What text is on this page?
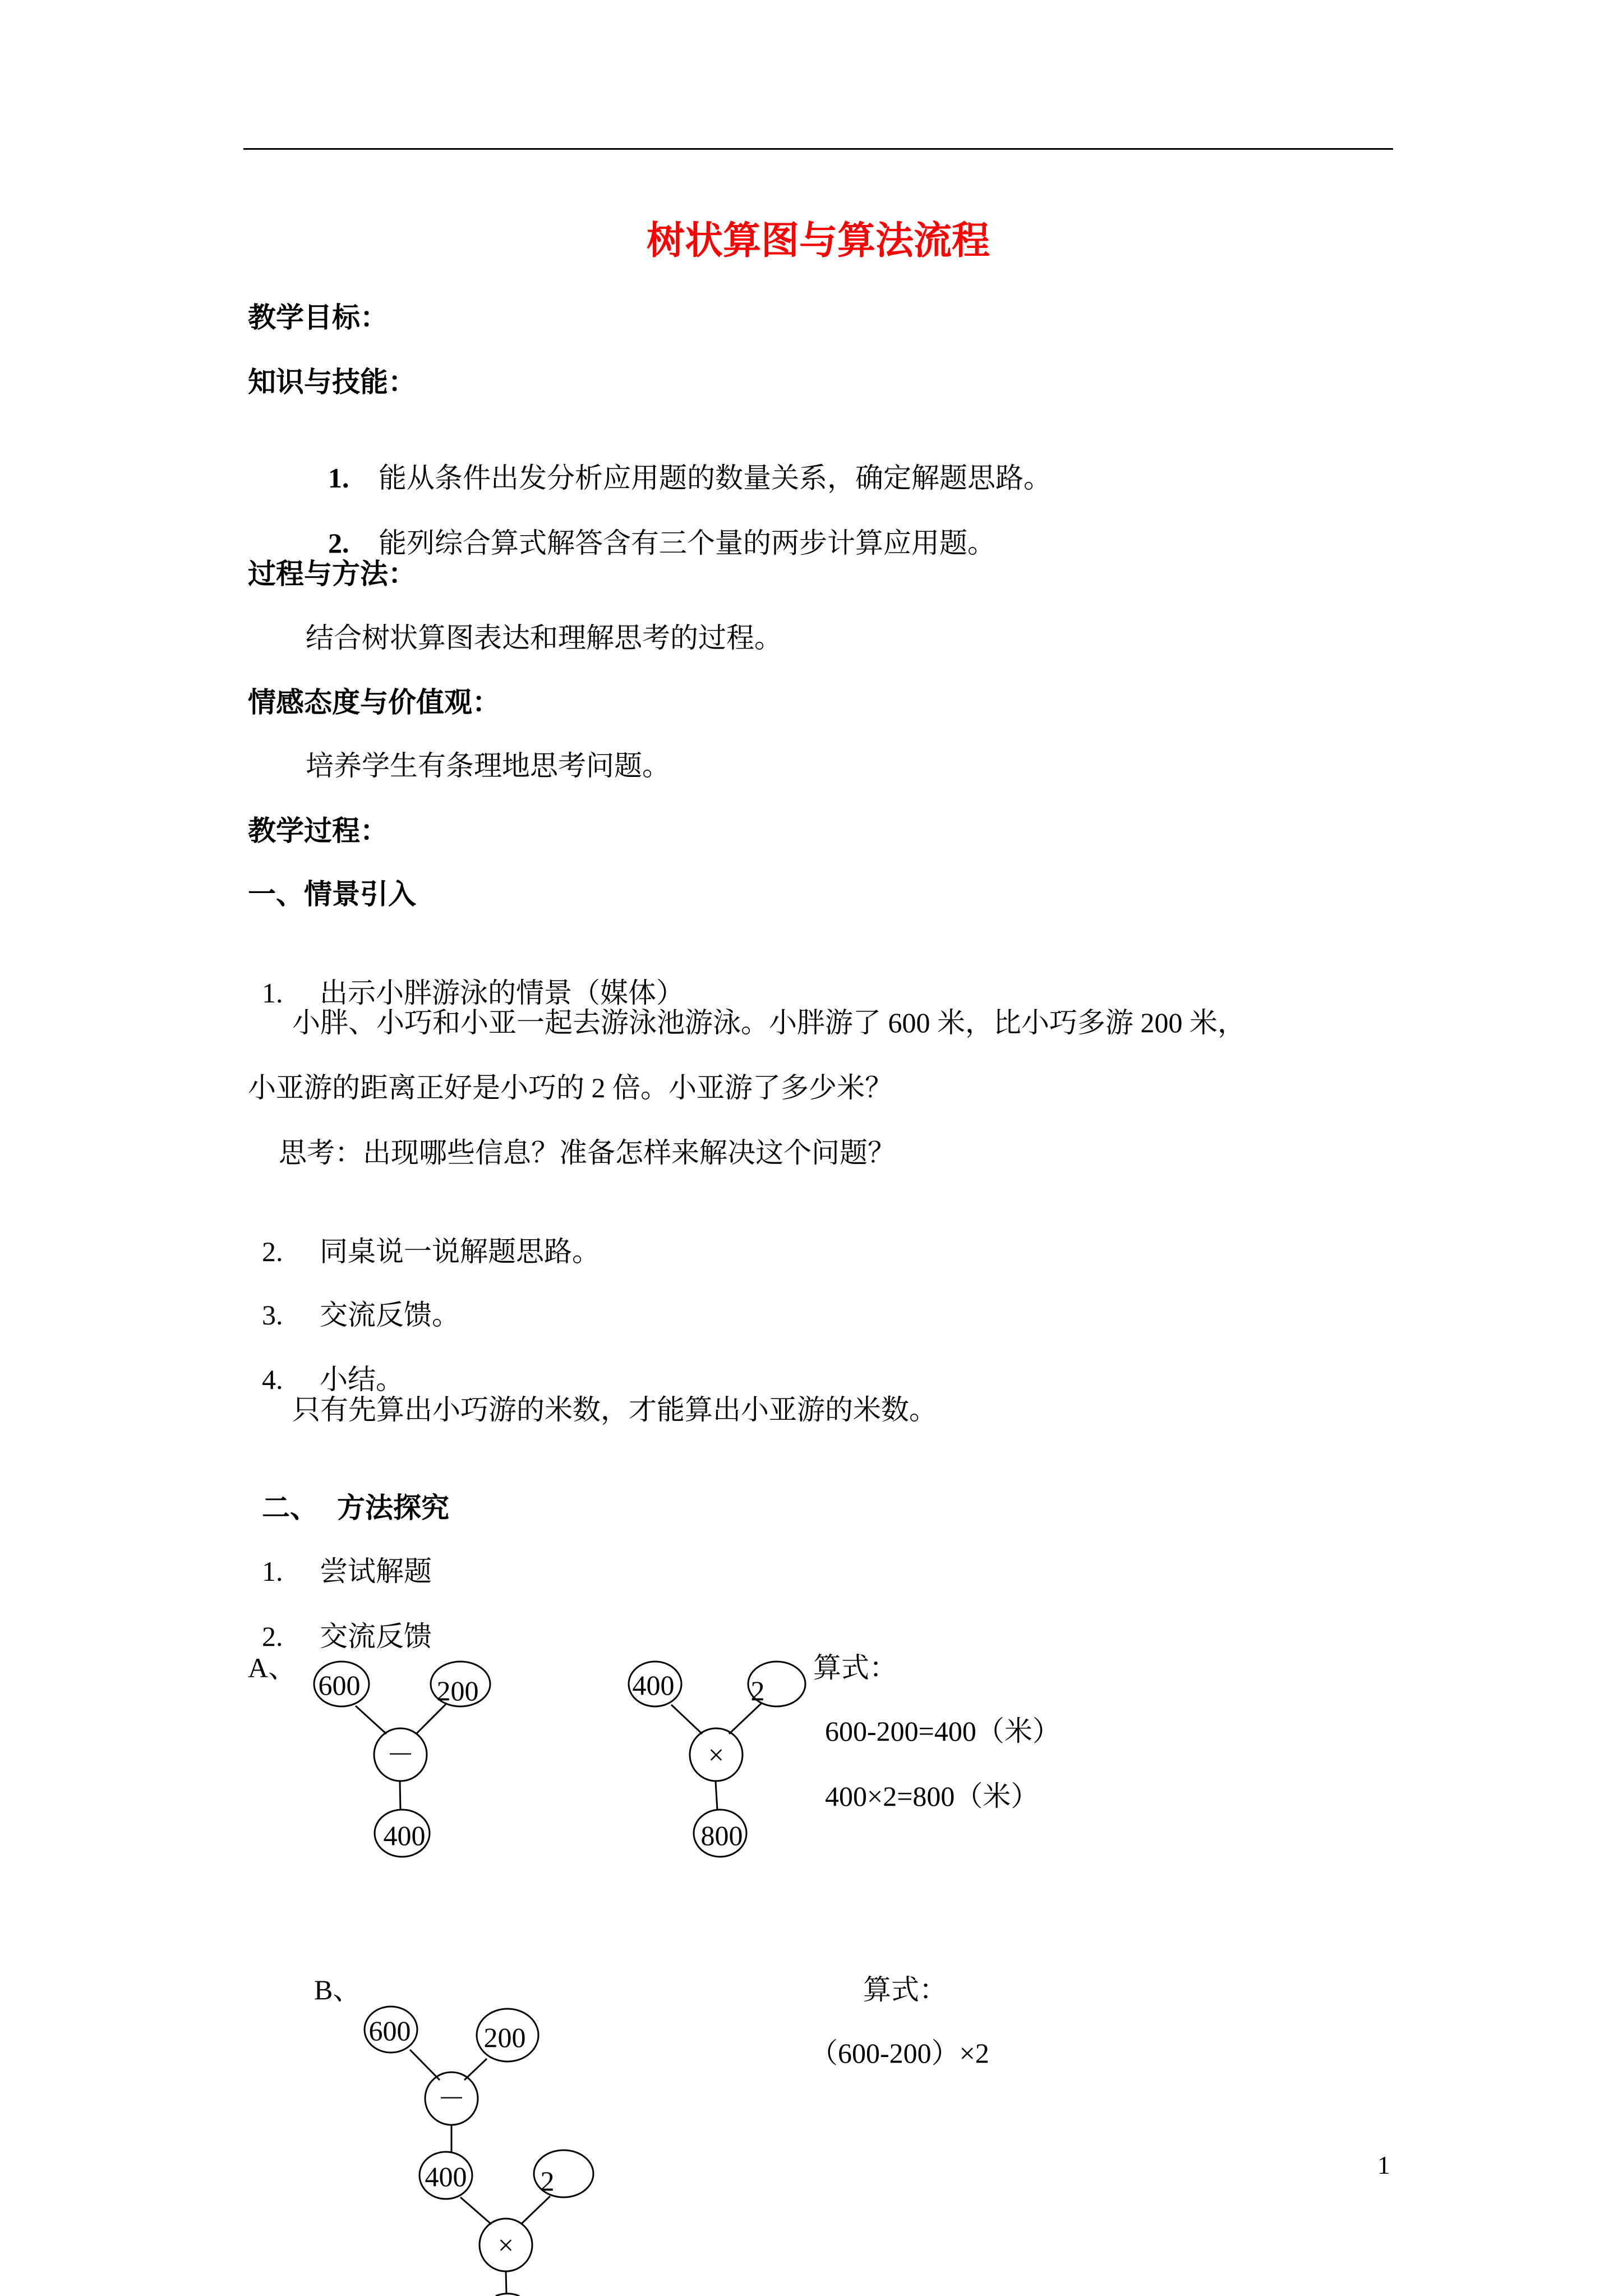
树状算图与算法流程
教学目标：
知识与技能：

1. 能从条件出发分析应用题的数量关系，确定解题思路。

2. 能列综合算式解答含有三个量的两步计算应用题。

过程与方法：
结合树状算图表达和理解思考的过程。
情感态度与价值观：
培养学生有条理地思考问题。
教学过程：
一、情景引入

1. 出示小胖游泳的情景（媒体）

小胖、小巧和小亚一起去游泳池游泳。小胖游了 600 米，比小巧多游 200 米，
小亚游的距离正好是小巧的 2 倍。小亚游了多少米？
思考：出现哪些信息？准备怎样来解决这个问题？

2. 同桌说一说解题思路。

3. 交流反馈。

4. 小结。

只有先算出小巧游的米数，才能算出小亚游的米数。

二、 方法探究

1. 尝试解题

2. 交流反馈

A、	算式：
600-200=400（米）
400×2=800（米）
B、	算式：
（600-200）×2
1
600	200
－
400
400	2
×
800
600	200
－
400	2
×
